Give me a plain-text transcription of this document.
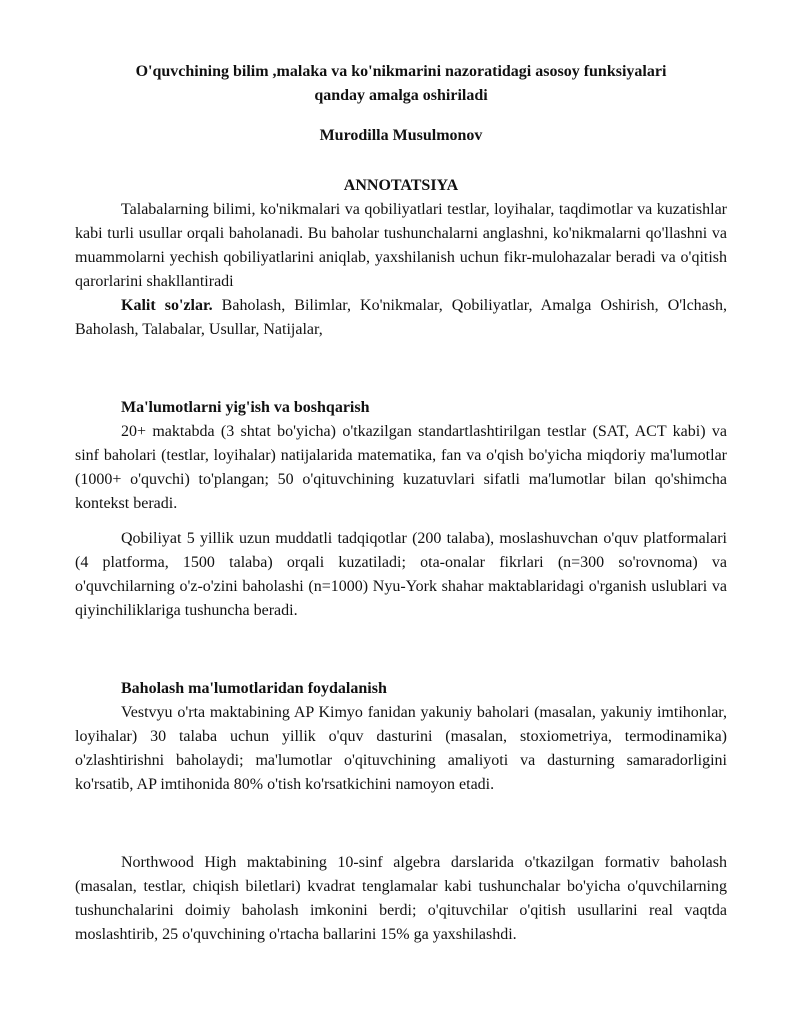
O'quvchining bilim ,malaka va ko'nikmarini nazoratidagi asosoy funksiyalari
qanday amalga oshiriladi
Murodilla Musulmonov
ANNOTATSIYA

Talabalarning bilimi, ko'nikmalari va qobiliyatlari testlar, loyihalar, taqdimotlar va kuzatishlar kabi turli usullar orqali baholanadi. Bu baholar tushunchalarni anglashni, ko'nikmalarni qo'llashni va muammolarni yechish qobiliyatlarini aniqlab, yaxshilanish uchun fikr-mulohazalar beradi va o'qitish qarorlarini shakllantiradi

Kalit so'zlar. Baholash, Bilimlar, Ko'nikmalar, Qobiliyatlar, Amalga Oshirish, O'lchash, Baholash, Talabalar, Usullar, Natijalar,

Ma'lumotlarni yig'ish va boshqarish

20+ maktabda (3 shtat bo'yicha) o'tkazilgan standartlashtirilgan testlar (SAT, ACT kabi) va sinf baholari (testlar, loyihalar) natijalarida matematika, fan va o'qish bo'yicha miqdoriy ma'lumotlar (1000+ o'quvchi) to'plangan; 50 o'qituvchining kuzatuvlari sifatli ma'lumotlar bilan qo'shimcha kontekst beradi.

Qobiliyat 5 yillik uzun muddatli tadqiqotlar (200 talaba), moslashuvchan o'quv platformalari (4 platforma, 1500 talaba) orqali kuzatiladi; ota-onalar fikrlari (n=300 so'rovnoma) va o'quvchilarning o'z-o'zini baholashi (n=1000) Nyu-York shahar maktablaridagi o'rganish uslublari va qiyinchiliklariga tushuncha beradi.

Baholash ma'lumotlaridan foydalanish

Vestvyu o'rta maktabining AP Kimyo fanidan yakuniy baholari (masalan, yakuniy imtihonlar, loyihalar) 30 talaba uchun yillik o'quv dasturini (masalan, stoxiometriya, termodinamika) o'zlashtirishni baholaydi; ma'lumotlar o'qituvchining amaliyoti va dasturning samaradorligini ko'rsatib, AP imtihonida 80% o'tish ko'rsatkichini namoyon etadi.

Northwood High maktabining 10-sinf algebra darslarida o'tkazilgan formativ baholash (masalan, testlar, chiqish biletlari) kvadrat tenglamalar kabi tushunchalar bo'yicha o'quvchilarning tushunchalarini doimiy baholash imkonini berdi; o'qituvchilar o'qitish usullarini real vaqtda moslashtirib, 25 o'quvchining o'rtacha ballarini 15% ga yaxshilashdi.
